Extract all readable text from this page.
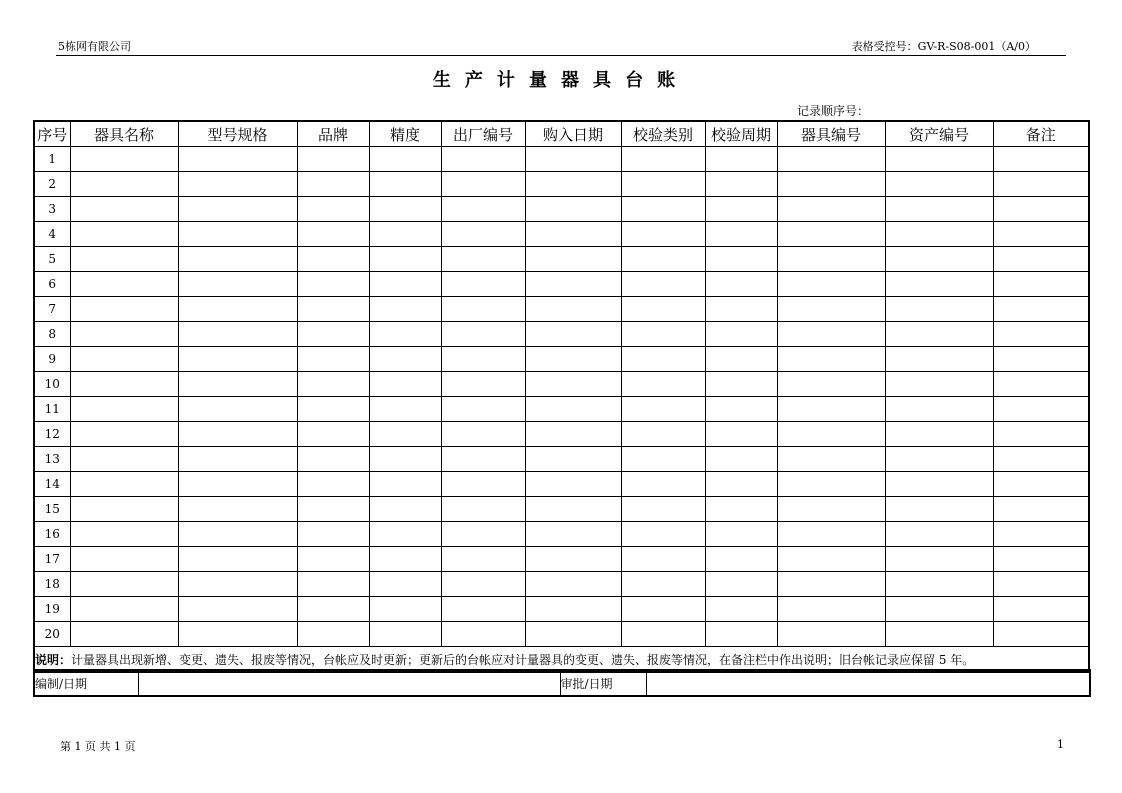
5栋网有限公司	表格受控号：GV-R-S08-001（A/0）
生产计量器具台账
记录顺序号：
序号	器具名称	型号规格	品牌	精度	出厂编号	购入日期	校验类别	校验周期	器具编号	资产编号	备注
1											
2											
3											
4											
5											
6											
7											
8											
9											
10											
11											
12											
13											
14											
15											
16											
17											
18											
19											
20											
说明：计量器具出现新增、变更、遗失、报废等情况，台帐应及时更新；更新后的台帐应对计量器具的变更、遗失、报废等情况，在备注栏中作出说明；旧台帐记录应保留 5 年。											
编制/日期		审批/日期	
第 1 页 共 1 页	1
